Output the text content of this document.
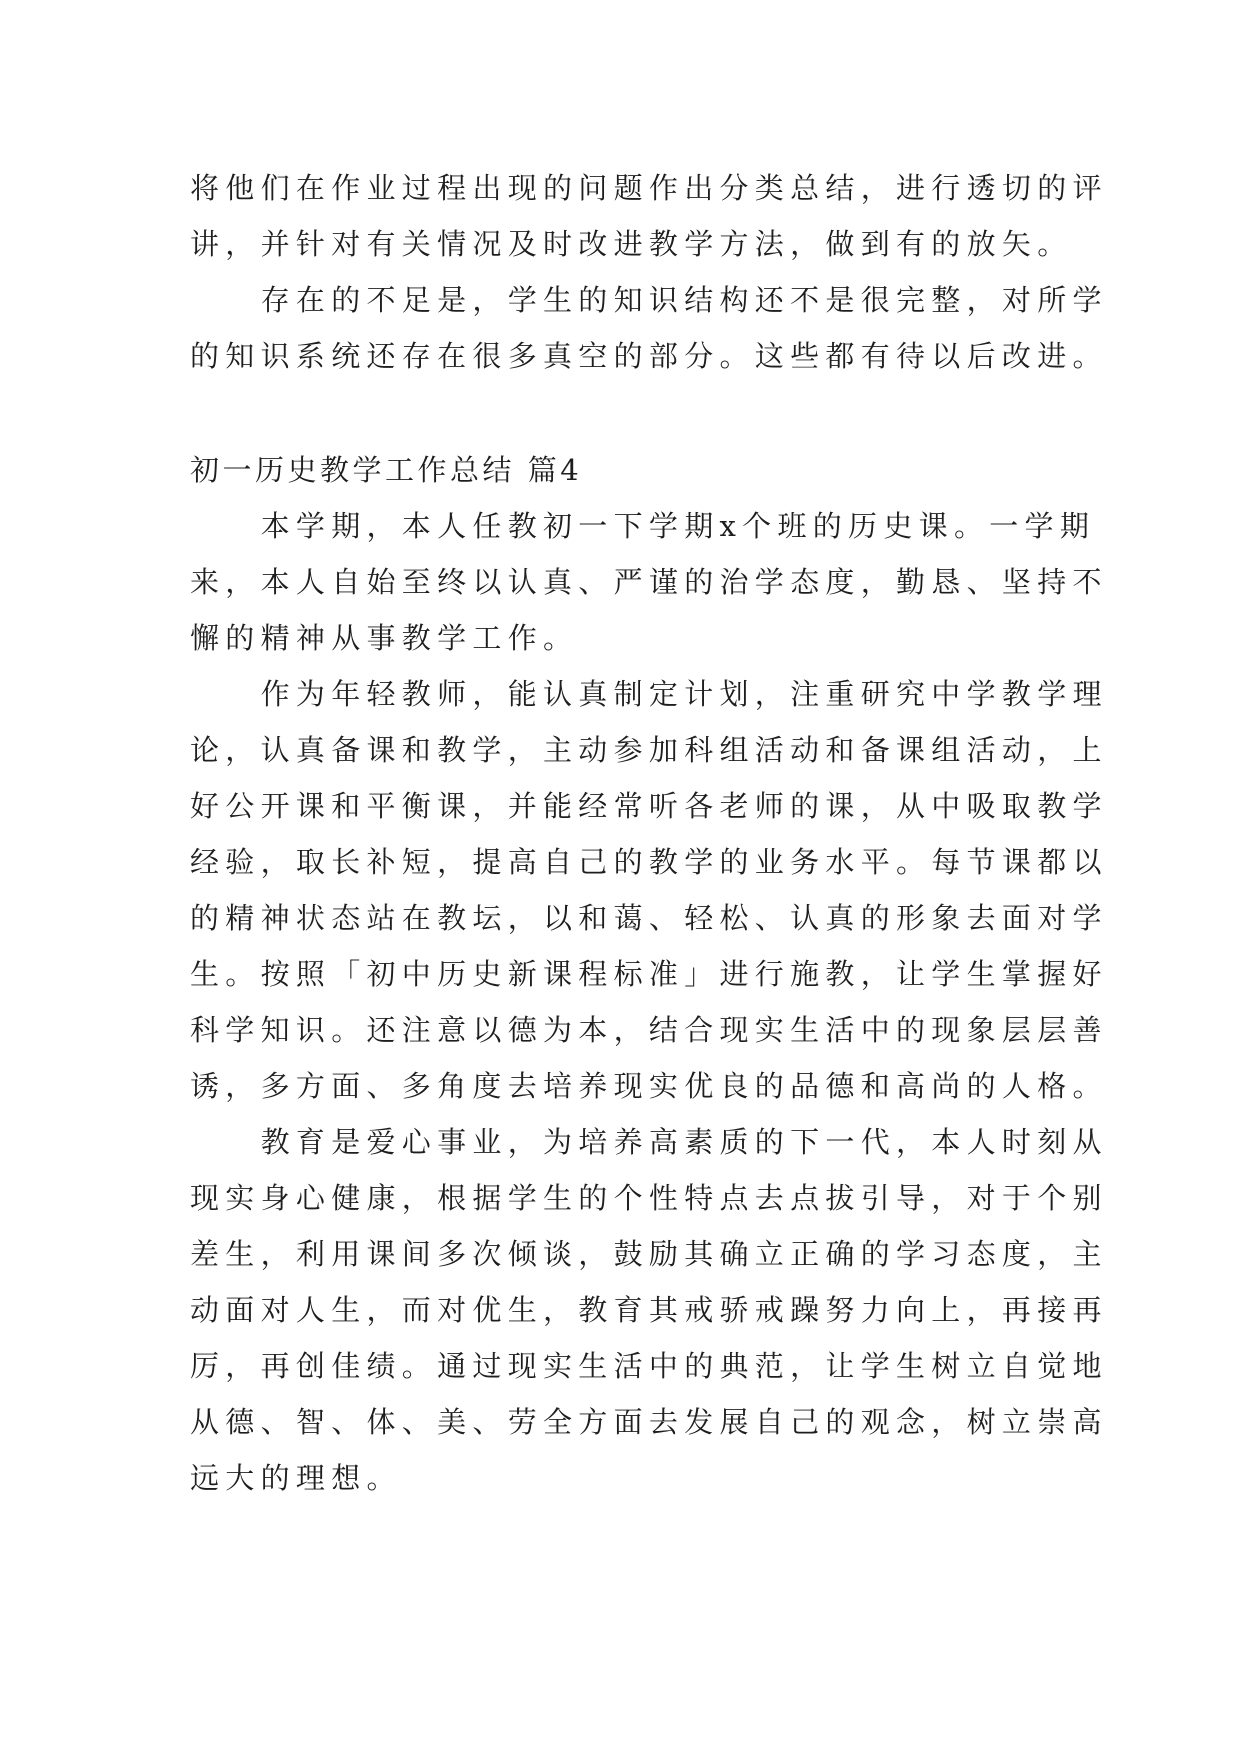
将他们在作业过程出现的问题作出分类总结，进行透切的评
讲，并针对有关情况及时改进教学方法，做到有的放矢。
　　存在的不足是，学生的知识结构还不是很完整，对所学
的知识系统还存在很多真空的部分。这些都有待以后改进。
初一历史教学工作总结 篇4
　　本学期，本人任教初一下学期x个班的历史课。一学期
来，本人自始至终以认真、严谨的治学态度，勤恳、坚持不
懈的精神从事教学工作。
　　作为年轻教师，能认真制定计划，注重研究中学教学理
论，认真备课和教学，主动参加科组活动和备课组活动，上
好公开课和平衡课，并能经常听各老师的课，从中吸取教学
经验，取长补短，提高自己的教学的业务水平。每节课都以
的精神状态站在教坛，以和蔼、轻松、认真的形象去面对学
生。按照「初中历史新课程标准」进行施教，让学生掌握好
科学知识。还注意以德为本，结合现实生活中的现象层层善
诱，多方面、多角度去培养现实优良的品德和高尚的人格。
　　教育是爱心事业，为培养高素质的下一代，本人时刻从
现实身心健康，根据学生的个性特点去点拔引导，对于个别
差生，利用课间多次倾谈，鼓励其确立正确的学习态度，主
动面对人生，而对优生，教育其戒骄戒躁努力向上，再接再
厉，再创佳绩。通过现实生活中的典范，让学生树立自觉地
从德、智、体、美、劳全方面去发展自己的观念，树立崇高
远大的理想。
